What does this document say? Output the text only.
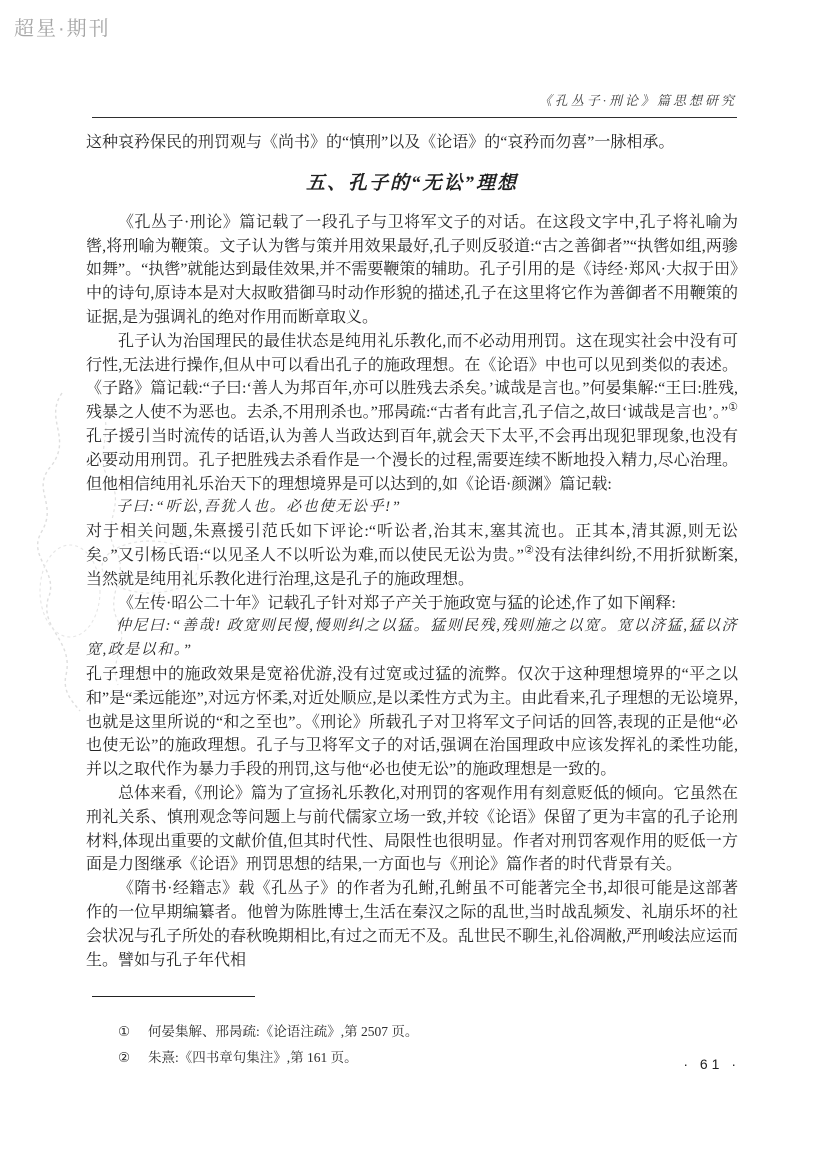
超星·期刊
《孔丛子·刑论》篇思想研究

这种哀矜保民的刑罚观与《尚书》的“慎刑”以及《论语》的“哀矜而勿喜”一脉相承。

五、孔子的“无讼”理想

《孔丛子·刑论》篇记载了一段孔子与卫将军文子的对话。在这段文字中,孔子将礼喻为辔,将刑喻为鞭策。文子认为辔与策并用效果最好,孔子则反驳道:“古之善御者”“执辔如组,两骖如舞”。“执辔”就能达到最佳效果,并不需要鞭策的辅助。孔子引用的是《诗经·郑风·大叔于田》中的诗句,原诗本是对大叔畋猎御马时动作形貌的描述,孔子在这里将它作为善御者不用鞭策的证据,是为强调礼的绝对作用而断章取义。

孔子认为治国理民的最佳状态是纯用礼乐教化,而不必动用刑罚。这在现实社会中没有可行性,无法进行操作,但从中可以看出孔子的施政理想。在《论语》中也可以见到类似的表述。《子路》篇记载:“子曰:‘善人为邦百年,亦可以胜残去杀矣。’诚哉是言也。”何晏集解:“王曰:胜残,残暴之人使不为恶也。去杀,不用刑杀也。”邢昺疏:“古者有此言,孔子信之,故曰‘诚哉是言也’。”①孔子援引当时流传的话语,认为善人当政达到百年,就会天下太平,不会再出现犯罪现象,也没有必要动用刑罚。孔子把胜残去杀看作是一个漫长的过程,需要连续不断地投入精力,尽心治理。但他相信纯用礼乐治天下的理想境界是可以达到的,如《论语·颜渊》篇记载:

子曰:“听讼,吾犹人也。必也使无讼乎!”

对于相关问题,朱熹援引范氏如下评论:“听讼者,治其末,塞其流也。正其本,清其源,则无讼矣。”又引杨氏语:“以见圣人不以听讼为难,而以使民无讼为贵。”②没有法律纠纷,不用折狱断案,当然就是纯用礼乐教化进行治理,这是孔子的施政理想。

《左传·昭公二十年》记载孔子针对郑子产关于施政宽与猛的论述,作了如下阐释:

仲尼曰:“善哉! 政宽则民慢,慢则纠之以猛。猛则民残,残则施之以宽。宽以济猛,猛以济宽,政是以和。”

孔子理想中的施政效果是宽裕优游,没有过宽或过猛的流弊。仅次于这种理想境界的“平之以和”是“柔远能迩”,对远方怀柔,对近处顺应,是以柔性方式为主。由此看来,孔子理想的无讼境界,也就是这里所说的“和之至也”。《刑论》所载孔子对卫将军文子问话的回答,表现的正是他“必也使无讼”的施政理想。孔子与卫将军文子的对话,强调在治国理政中应该发挥礼的柔性功能,并以之取代作为暴力手段的刑罚,这与他“必也使无讼”的施政理想是一致的。

总体来看,《刑论》篇为了宣扬礼乐教化,对刑罚的客观作用有刻意贬低的倾向。它虽然在刑礼关系、慎刑观念等问题上与前代儒家立场一致,并较《论语》保留了更为丰富的孔子论刑材料,体现出重要的文献价值,但其时代性、局限性也很明显。作者对刑罚客观作用的贬低一方面是力图继承《论语》刑罚思想的结果,一方面也与《刑论》篇作者的时代背景有关。

《隋书·经籍志》载《孔丛子》的作者为孔鲋,孔鲋虽不可能著完全书,却很可能是这部著作的一位早期编纂者。他曾为陈胜博士,生活在秦汉之际的乱世,当时战乱频发、礼崩乐坏的社会状况与孔子所处的春秋晚期相比,有过之而无不及。乱世民不聊生,礼俗凋敝,严刑峻法应运而生。譬如与孔子年代相

① 何晏集解、邢昺疏:《论语注疏》,第 2507 页。
② 朱熹:《四书章句集注》,第 161 页。	· 61 ·
